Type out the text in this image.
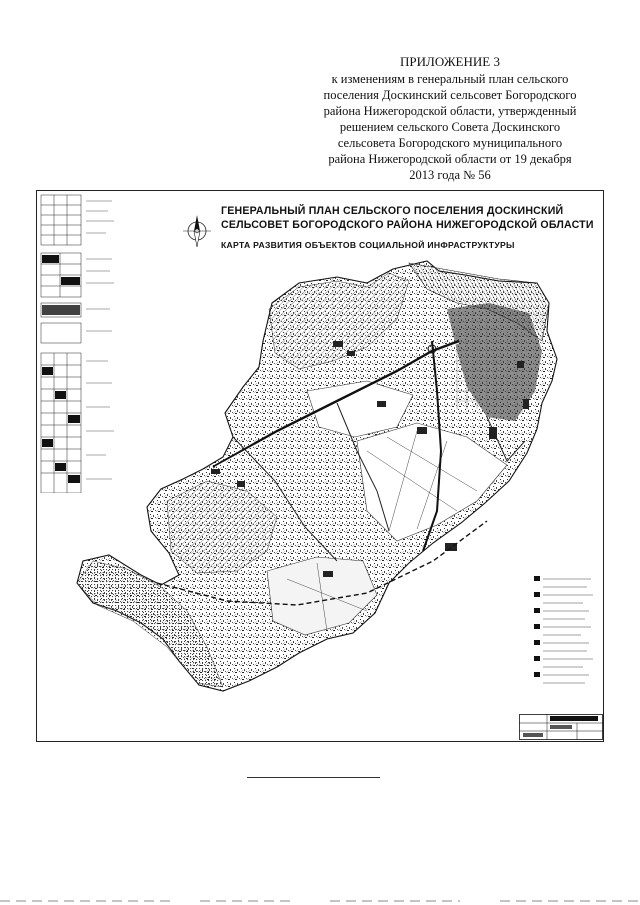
ПРИЛОЖЕНИЕ 3
к изменениям в генеральный план сельского
поселения Доскинский сельсовет Богородского
района Нижегородской области, утвержденный
решением сельского Совета Доскинского
сельсовета Богородского муниципального
района Нижегородской области от 19 декабря
2013 года № 56
ГЕНЕРАЛЬНЫЙ ПЛАН СЕЛЬСКОГО ПОСЕЛЕНИЯ ДОСКИНСКИЙ
СЕЛЬСОВЕТ БОГОРОДСКОГО РАЙОНА НИЖЕГОРОДСКОЙ ОБЛАСТИ
КАРТА РАЗВИТИЯ ОБЪЕКТОВ СОЦИАЛЬНОЙ ИНФРАСТРУКТУРЫ
